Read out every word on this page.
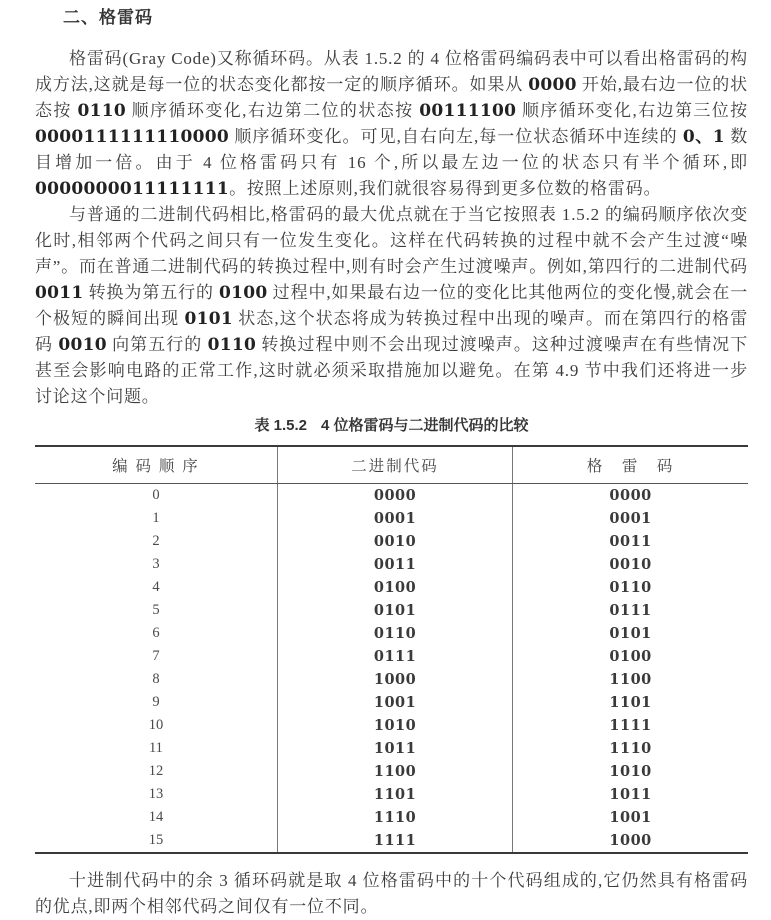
二、格雷码

格雷码(Gray Code)又称循环码。从表 1.5.2 的 4 位格雷码编码表中可以看出格雷码的构成方法,这就是每一位的状态变化都按一定的顺序循环。如果从 0000 开始,最右边一位的状态按 0110 顺序循环变化,右边第二位的状态按 00111100 顺序循环变化,右边第三位按 0000111111110000 顺序循环变化。可见,自右向左,每一位状态循环中连续的 0、1 数目增加一倍。由于 4 位格雷码只有 16 个,所以最左边一位的状态只有半个循环,即 0000000011111111。按照上述原则,我们就很容易得到更多位数的格雷码。

与普通的二进制代码相比,格雷码的最大优点就在于当它按照表 1.5.2 的编码顺序依次变化时,相邻两个代码之间只有一位发生变化。这样在代码转换的过程中就不会产生过渡“噪声”。而在普通二进制代码的转换过程中,则有时会产生过渡噪声。例如,第四行的二进制代码 0011 转换为第五行的 0100 过程中,如果最右边一位的变化比其他两位的变化慢,就会在一个极短的瞬间出现 0101 状态,这个状态将成为转换过程中出现的噪声。而在第四行的格雷码 0010 向第五行的 0110 转换过程中则不会出现过渡噪声。这种过渡噪声在有些情况下甚至会影响电路的正常工作,这时就必须采取措施加以避免。在第 4.9 节中我们还将进一步讨论这个问题。

表 1.5.2 4 位格雷码与二进制代码的比较
编 码 顺 序	二进制代码	格　雷　码
0	0000	0000
1	0001	0001
2	0010	0011
3	0011	0010
4	0100	0110
5	0101	0111
6	0110	0101
7	0111	0100
8	1000	1100
9	1001	1101
10	1010	1111
11	1011	1110
12	1100	1010
13	1101	1011
14	1110	1001
15	1111	1000

十进制代码中的余 3 循环码就是取 4 位格雷码中的十个代码组成的,它仍然具有格雷码的优点,即两个相邻代码之间仅有一位不同。
